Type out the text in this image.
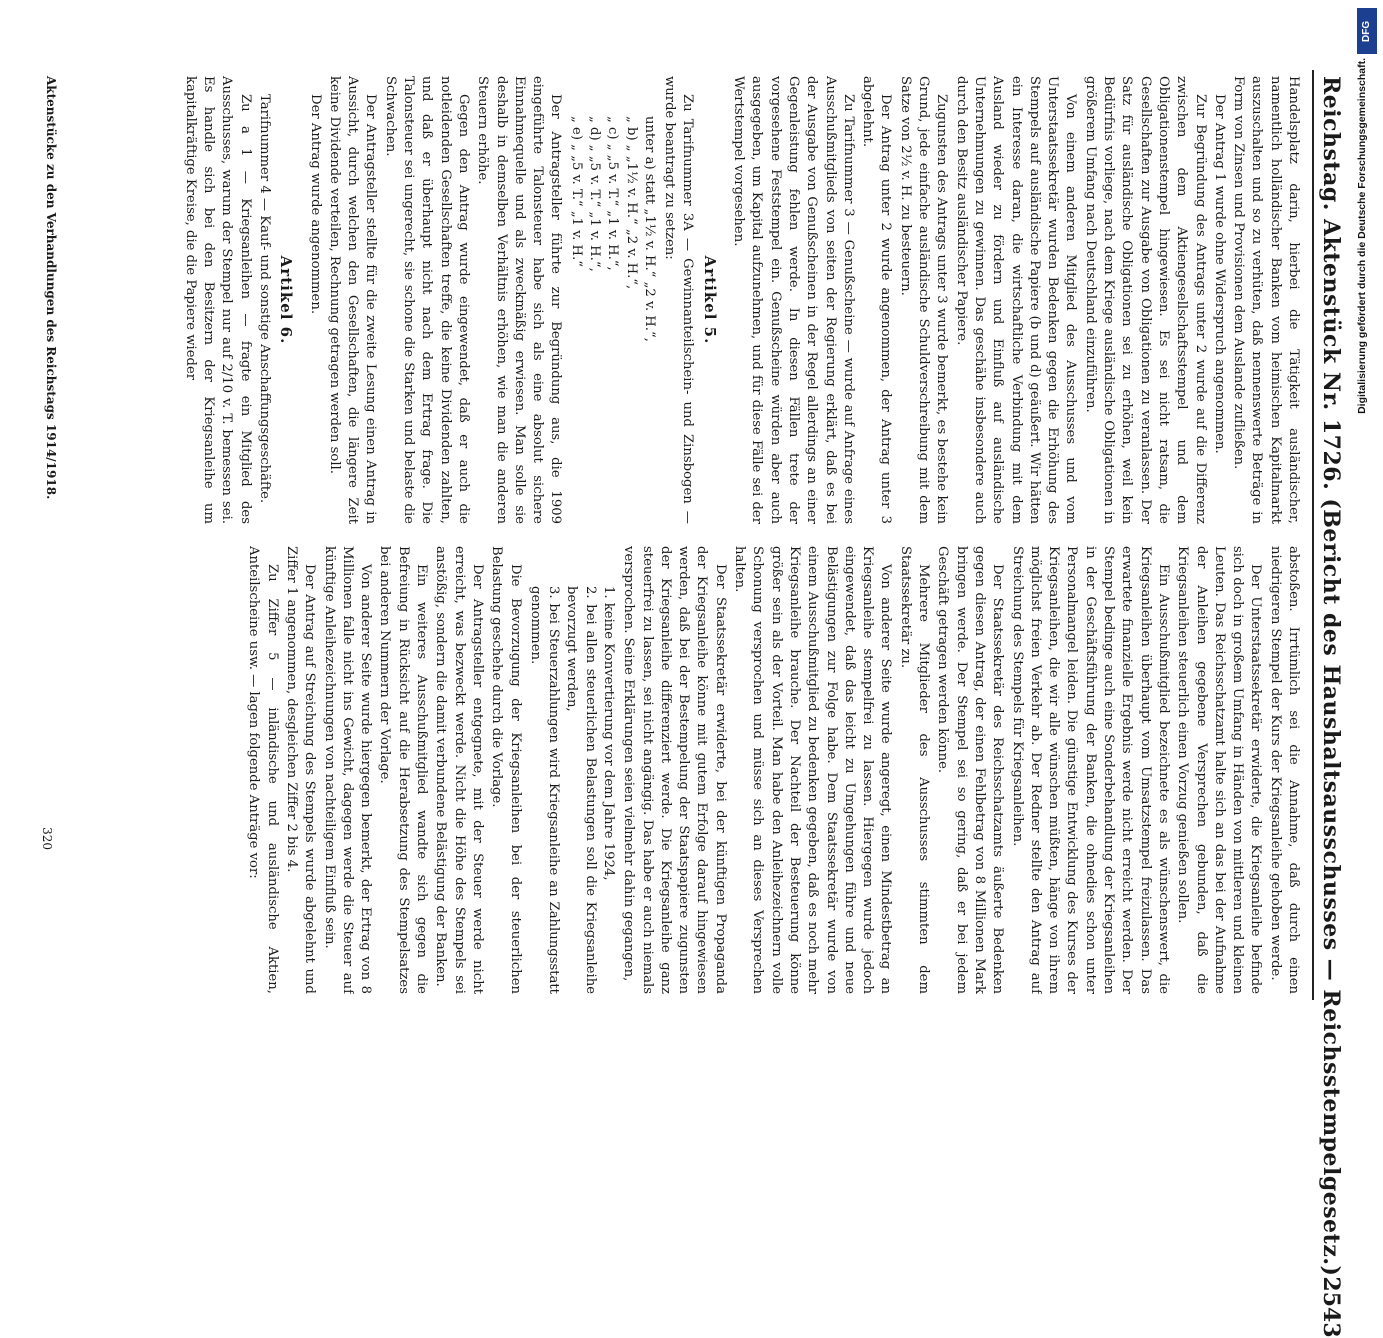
Reichstag. Aktenstück Nr. 1726. (Bericht des Haushaltsausschusses — Reichsstempelgesetz.)
2543

Handelsplatz darin, hierbei die Tätigkeit ausländischer, namentlich holländischer Banken vom heimischen Kapitalmarkt auszuschalten und so zu verhüten, daß nennenswerte Beträge in Form von Zinsen und Provisionen dem Auslande zufließen.

Der Antrag 1 wurde ohne Widerspruch angenommen.

Zur Begründung des Antrags unter 2 wurde auf die Differenz zwischen dem Aktiengesellschaftsstempel und dem Obligationenstempel hingewiesen. Es sei nicht ratsam, die Gesellschaften zur Ausgabe von Obligationen zu veranlassen. Der Satz für ausländische Obligationen sei zu erhöhen, weil kein Bedürfnis vorliege, nach dem Kriege ausländische Obligationen in größerem Umfang nach Deutschland einzuführen.

Von einem anderen Mitglied des Ausschusses und vom Unterstaatssekretär wurden Bedenken gegen die Erhöhung des Stempels auf ausländische Papiere (b und d) geäußert. Wir hätten ein Interesse daran, die wirtschaftliche Verbindung mit dem Ausland wieder zu fördern und Einfluß auf ausländische Unternehmungen zu gewinnen. Das geschähe insbesondere auch durch den Besitz ausländischer Papiere.

Zugunsten des Antrags unter 3 wurde bemerkt, es bestehe kein Grund, jede einfache ausländische Schuldverschreibung mit dem Satze von 2½ v. H. zu besteuern.

Der Antrag unter 2 wurde angenommen, der Antrag unter 3 abgelehnt.

Zu Tarifnummer 3 — Genußscheine — wurde auf Anfrage eines Ausschußmitglieds von seiten der Regierung erklärt, daß es bei der Ausgabe von Genußscheinen in der Regel allerdings an einer Gegenleistung fehlen werde. In diesen Fällen trete der vorgesehene Feststempel ein. Genußscheine würden aber auch ausgegeben, um Kapital aufzunehmen, und für diese Fälle sei der Wertstempel vorgesehen.

Artikel 5.

Zu Tarifnummer 3A — Gewinnanteilschein- und Zinsbogen — wurde beantragt zu setzen:

unter a) statt „1½ v. H.“ „2 v. H.“,
„ b) „ „1½ v. H.“ „2 v. H.“,
„ c) „ „5 v. T.“ „1 v. H.“,
„ d) „ „5 v. T.“ „1 v. H.“,
„ e) „ „5 v. T.“ „1 v. H.“

Der Antragsteller führte zur Begründung aus, die 1909 eingeführte Talonsteuer habe sich als eine absolut sichere Einnahmequelle und als zweckmäßig erwiesen. Man solle sie deshalb in demselben Verhältnis erhöhen, wie man die anderen Steuern erhöhe.

Gegen den Antrag wurde eingewendet, daß er auch die notleidenden Gesellschaften treffe, die keine Dividenden zahlten, und daß er überhaupt nicht nach dem Ertrag frage. Die Talonsteuer sei ungerecht, sie schone die Starken und belaste die Schwachen.

Der Antragsteller stellte für die zweite Lesung einen Antrag in Aussicht, durch welchen den Gesellschaften, die längere Zeit keine Dividende verteilen, Rechnung getragen werden soll.

Der Antrag wurde angenommen.

Artikel 6.

Tarifnummer 4 — Kauf- und sonstige Anschaffungsgeschäfte.

Zu a 1 — Kriegsanleihen — fragte ein Mitglied des Ausschusses, warum der Stempel nur auf 2/10 v. T. bemessen sei. Es handle sich bei den Besitzern der Kriegsanleihe um kapitalkräftige Kreise, die die Papiere wieder

abstoßen. Irrtümlich sei die Annahme, daß durch einen niedrigeren Stempel der Kurs der Kriegsanleihe gehoben werde.

Der Unterstaatssekretär erwiderte, die Kriegsanleihe befinde sich doch in großem Umfang in Händen von mittleren und kleinen Leuten. Das Reichsschatzamt halte sich an das bei der Aufnahme der Anleihen gegebene Versprechen gebunden, daß die Kriegsanleihen steuerlich einen Vorzug genießen sollen.

Ein Ausschußmitglied bezeichnete es als wünschenswert, die Kriegsanleihen überhaupt vom Umsatzstempel freizulassen. Das erwartete finanzielle Ergebnis werde nicht erreicht werden. Der Stempel bedinge auch eine Sonderbehandlung der Kriegsanleihen in der Geschäftsführung der Banken, die ohnedies schon unter Personalmangel leiden. Die günstige Entwicklung des Kurses der Kriegsanleihen, die wir alle wünschen müßten, hänge von ihrem möglichst freien Verkehr ab. Der Redner stellte den Antrag auf Streichung des Stempels für Kriegsanleihen.

Der Staatssekretär des Reichsschatzamts äußerte Bedenken gegen diesen Antrag, der einen Fehlbetrag von 8 Millionen Mark bringen werde. Der Stempel sei so gering, daß er bei jedem Geschäft getragen werden könne.

Mehrere Mitglieder des Ausschusses stimmten dem Staatssekretär zu.

Von anderer Seite wurde angeregt, einen Mindestbetrag an Kriegsanleihe stempelfrei zu lassen. Hiergegen wurde jedoch eingewendet, daß das leicht zu Umgehungen führe und neue Belästigungen zur Folge habe. Dem Staatssekretär wurde von einem Ausschußmitglied zu bedenken gegeben, daß es noch mehr Kriegsanleihe brauche. Der Nachteil der Besteuerung könne größer sein als der Vorteil. Man habe den Anleihezeichnern volle Schonung versprochen und müsse sich an dieses Versprechen halten.

Der Staatssekretär erwiderte, bei der künftigen Propaganda der Kriegsanleihe könne mit gutem Erfolge darauf hingewiesen werden, daß bei der Bestempelung der Staatspapiere zugunsten der Kriegsanleihe differenziert werde. Die Kriegsanleihe ganz steuerfrei zu lassen, sei nicht angängig. Das habe er auch niemals versprochen. Seine Erklärungen seien vielmehr dahin gegangen,

1. keine Konvertierung vor dem Jahre 1924,
2. bei allen steuerlichen Belastungen soll die Kriegsanleihe bevorzugt werden,
3. bei Steuerzahlungen wird Kriegsanleihe an Zahlungsstatt genommen.

Die Bevorzugung der Kriegsanleihen bei der steuerlichen Belastung geschehe durch die Vorlage.

Der Antragsteller entgegnete, mit der Steuer werde nicht erreicht, was bezweckt werde. Nicht die Höhe des Stempels sei anstößig, sondern die damit verbundene Belästigung der Banken.

Ein weiteres Ausschußmitglied wandte sich gegen die Befreiung in Rücksicht auf die Herabsetzung des Stempelsatzes bei anderen Nummern der Vorlage.

Von anderer Seite wurde hiergegen bemerkt, der Ertrag von 8 Millionen falle nicht ins Gewicht, dagegen werde die Steuer auf künftige Anleihezeichnungen von nachteiligem Einfluß sein.

Der Antrag auf Streichung des Stempels wurde abgelehnt und Ziffer 1 angenommen, desgleichen Ziffer 2 bis 4.

Zu Ziffer 5 — inländische und ausländische Aktien, Anteilscheine usw. — lagen folgende Anträge vor:

Aktenstücke zu den Verhandlungen des Reichstags 1914/1918.
320
DFG
Digitalisierung gefördert durch die Deutsche Forschungsgemeinschaft.
